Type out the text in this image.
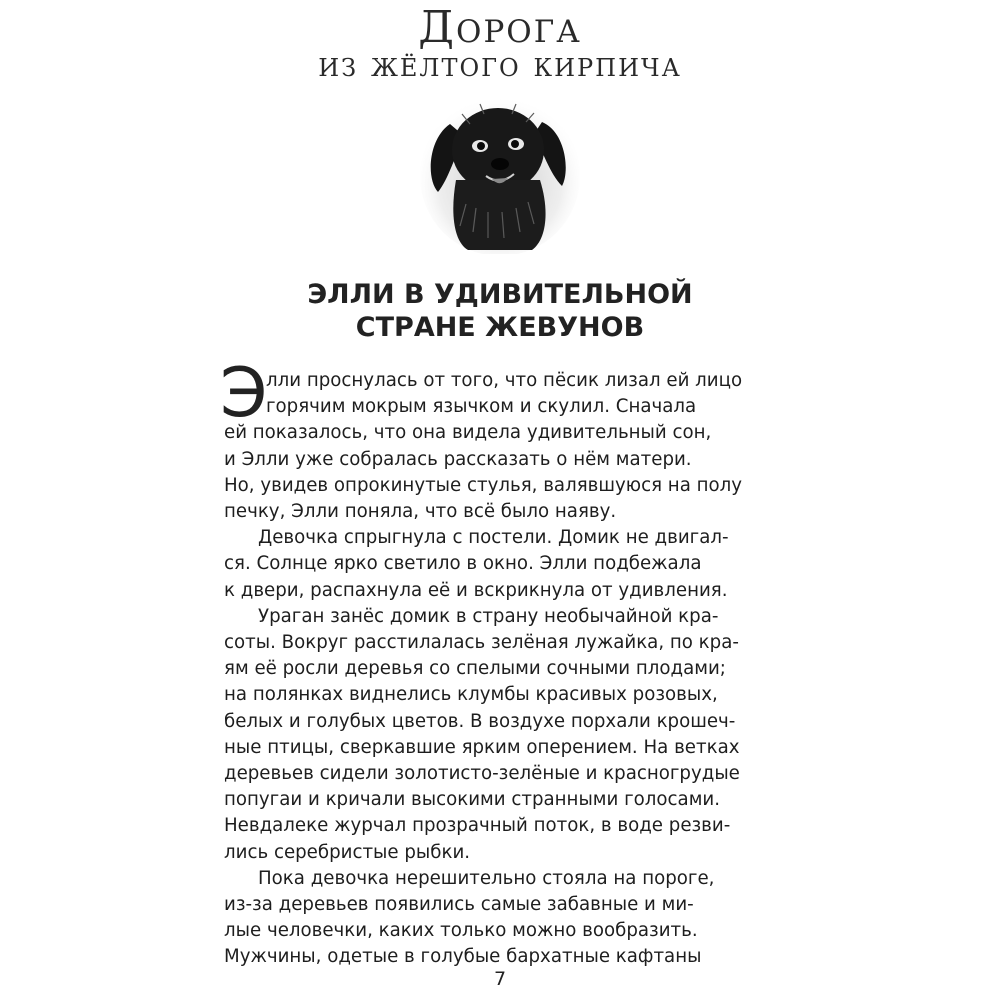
Дорога
из жёлтого кирпича
ЭЛЛИ В УДИВИТЕЛЬНОЙ
СТРАНЕ ЖЕВУНОВ
Э
лли проснулась от того, что пёсик лизал ей лицо
горячим мокрым язычком и скулил. Сначала
ей показалось, что она видела удивительный сон,
и Элли уже собралась рассказать о нём матери.
Но, увидев опрокинутые стулья, валявшуюся на полу
печку, Элли поняла, что всё было наяву.
Девочка спрыгнула с постели. Домик не двигал-
ся. Солнце ярко светило в окно. Элли подбежала
к двери, распахнула её и вскрикнула от удивления.
Ураган занёс домик в страну необычайной кра-
соты. Вокруг расстилалась зелёная лужайка, по кра-
ям её росли деревья со спелыми сочными плодами;
на полянках виднелись клумбы красивых розовых,
белых и голубых цветов. В воздухе порхали крошеч-
ные птицы, сверкавшие ярким оперением. На ветках
деревьев сидели золотисто-зелёные и красногрудые
попугаи и кричали высокими странными голосами.
Невдалеке журчал прозрачный поток, в воде резви-
лись серебристые рыбки.
Пока девочка нерешительно стояла на пороге,
из-за деревьев появились самые забавные и ми-
лые человечки, каких только можно вообразить.
Мужчины, одетые в голубые бархатные кафтаны
7
